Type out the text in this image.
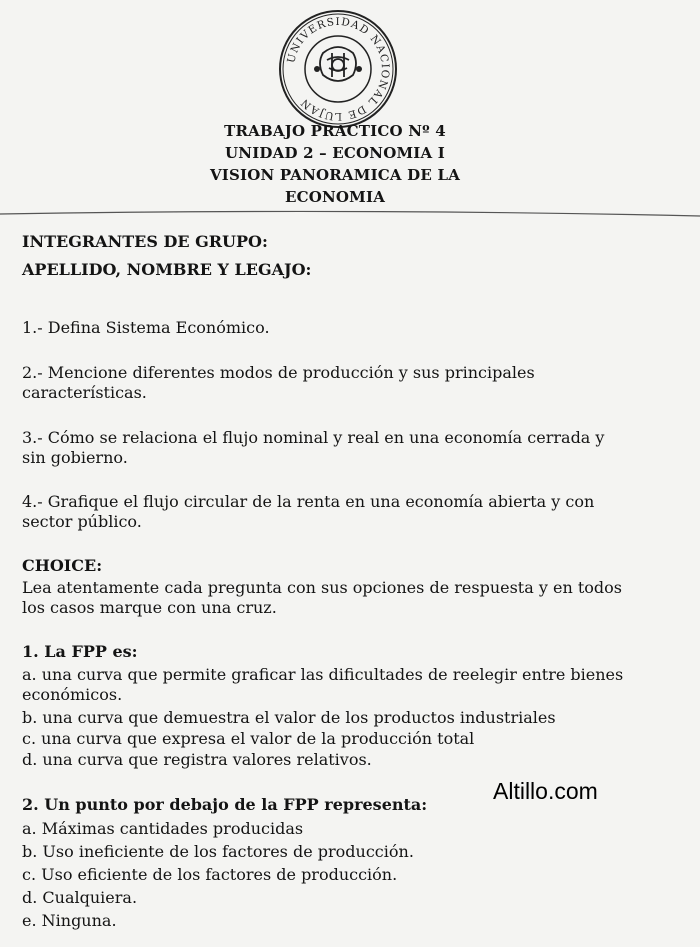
UNIVERSIDAD NACIONAL DE LUJAN
TRABAJO PRACTICO Nº 4
UNIDAD 2 – ECONOMIA I
VISION PANORAMICA DE LA
ECONOMIA
INTEGRANTES DE GRUPO:
APELLIDO, NOMBRE Y LEGAJO:
1.- Defina Sistema Económico.
2.- Mencione diferentes modos de producción y sus principales
características.
3.- Cómo se relaciona el flujo nominal y real en una economía cerrada y
sin gobierno.
4.- Grafique el flujo circular de la renta en una economía abierta y con
sector público.
CHOICE:
Lea atentamente cada pregunta con sus opciones de respuesta y en todos
los casos marque con una cruz.
1. La FPP es:
a. una curva que permite graficar las dificultades de reelegir entre bienes
económicos.
b. una curva que demuestra el valor de los productos industriales
c. una curva que expresa el valor de la producción total
d. una curva que registra valores relativos.
2. Un punto por debajo de la FPP representa:
a. Máximas cantidades producidas
b. Uso ineficiente de los factores de producción.
c. Uso eficiente de los factores de producción.
d. Cualquiera.
e. Ninguna.
Altillo.com
